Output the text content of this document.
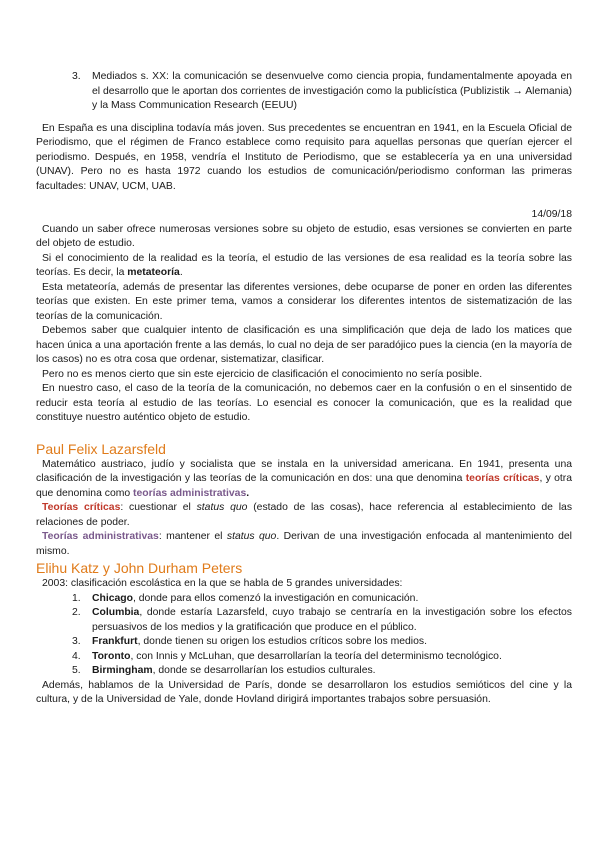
3. Mediados s. XX: la comunicación se desenvuelve como ciencia propia, fundamentalmente apoyada en el desarrollo que le aportan dos corrientes de investigación como la publicística (Publizistik → Alemania) y la Mass Communication Research (EEUU)

En España es una disciplina todavía más joven. Sus precedentes se encuentran en 1941, en la Escuela Oficial de Periodismo, que el régimen de Franco establece como requisito para aquellas personas que querían ejercer el periodismo. Después, en 1958, vendría el Instituto de Periodismo, que se establecería ya en una universidad (UNAV). Pero no es hasta 1972 cuando los estudios de comunicación/periodismo conforman las primeras facultades: UNAV, UCM, UAB.

14/09/18

Cuando un saber ofrece numerosas versiones sobre su objeto de estudio, esas versiones se convierten en parte del objeto de estudio.

Si el conocimiento de la realidad es la teoría, el estudio de las versiones de esa realidad es la teoría sobre las teorías. Es decir, la metateoría.

Esta metateoría, además de presentar las diferentes versiones, debe ocuparse de poner en orden las diferentes teorías que existen. En este primer tema, vamos a considerar los diferentes intentos de sistematización de las teorías de la comunicación.

Debemos saber que cualquier intento de clasificación es una simplificación que deja de lado los matices que hacen única a una aportación frente a las demás, lo cual no deja de ser paradójico pues la ciencia (en la mayoría de los casos) no es otra cosa que ordenar, sistematizar, clasificar.

Pero no es menos cierto que sin este ejercicio de clasificación el conocimiento no sería posible.

En nuestro caso, el caso de la teoría de la comunicación, no debemos caer en la confusión o en el sinsentido de reducir esta teoría al estudio de las teorías. Lo esencial es conocer la comunicación, que es la realidad que constituye nuestro auténtico objeto de estudio.

Paul Felix Lazarsfeld

Matemático austriaco, judío y socialista que se instala en la universidad americana. En 1941, presenta una clasificación de la investigación y las teorías de la comunicación en dos: una que denomina teorías críticas, y otra que denomina como teorías administrativas.

Teorías críticas: cuestionar el status quo (estado de las cosas), hace referencia al establecimiento de las relaciones de poder.

Teorías administrativas: mantener el status quo. Derivan de una investigación enfocada al mantenimiento del mismo.

Elihu Katz y John Durham Peters

2003: clasificación escolástica en la que se habla de 5 grandes universidades:

1. Chicago, donde para ellos comenzó la investigación en comunicación.
2. Columbia, donde estaría Lazarsfeld, cuyo trabajo se centraría en la investigación sobre los efectos persuasivos de los medios y la gratificación que produce en el público.
3. Frankfurt, donde tienen su origen los estudios críticos sobre los medios.
4. Toronto, con Innis y McLuhan, que desarrollarían la teoría del determinismo tecnológico.
5. Birmingham, donde se desarrollarían los estudios culturales.

Además, hablamos de la Universidad de París, donde se desarrollaron los estudios semióticos del cine y la cultura, y de la Universidad de Yale, donde Hovland dirigirá importantes trabajos sobre persuasión.
